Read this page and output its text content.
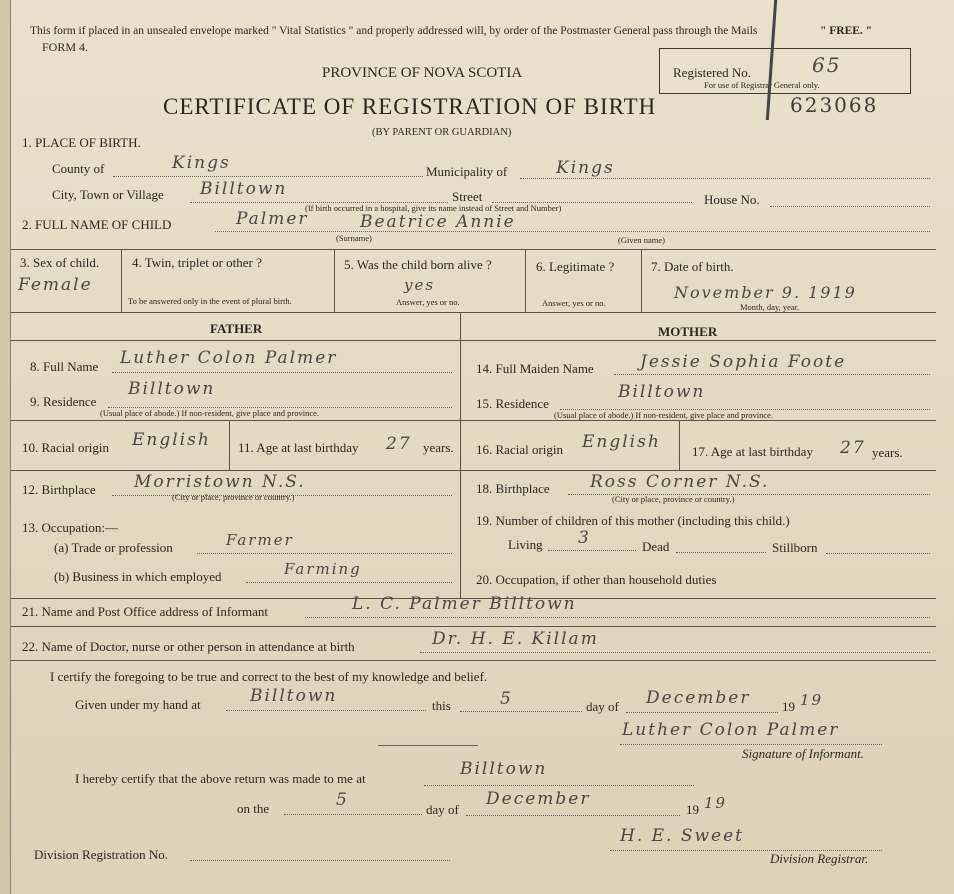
This form if placed in an unsealed envelope marked " Vital Statistics " and properly addressed will, by order of the Postmaster General pass through the Mails	" FREE. "
FORM 4.
PROVINCE OF NOVA SCOTIA
CERTIFICATE OF REGISTRATION OF BIRTH
(BY PARENT OR GUARDIAN)
Registered No.	65
For use of Registrar General only.
623068
1. PLACE OF BIRTH.
County of	Kings	Municipality of	Kings
City, Town or Village Billtown	Street
(If birth occurred in a hospital, give its name instead of Street and Number)
House No.
2. FULL NAME OF CHILD	Palmer	Beatrice Annie
(Surname)	(Given name)
3. Sex of child.
Female
4. Twin, triplet or other ?
To be answered only in the event of plural birth.
5. Was the child born alive ?
yes
Answer, yes or no.
6. Legitimate ?
Answer, yes or no.
7. Date of birth.
November 9. 1919
Month, day, year.
FATHER	MOTHER
8. Full Name Luther Colon Palmer
9. Residence
Billtown
(Usual place of abode.) If non-resident, give place and province.
10. Racial origin English 11. Age at last birthday 27 years.
12. Birthplace Morristown N.S.
(City or place, province or country.)
13. Occupation:—
(a) Trade or profession	Farmer
(b) Business in which employed	Farming
14. Full Maiden Name	Jessie Sophia Foote
15. Residence
Billtown
(Usual place of abode.) If non-resident, give place and province.
16. Racial origin English 17. Age at last birthday 27 years.
18. Birthplace Ross Corner N.S.
(City or place, province or country.)
19. Number of children of this mother (including this child.)
Living 3	Dead	Stillborn
20. Occupation, if other than household duties
21. Name and Post Office address of Informant	L. C. Palmer Billtown
22. Name of Doctor, nurse or other person in attendance at birth	Dr. H. E. Killam
I certify the foregoing to be true and correct to the best of my knowledge and belief.
Given under my hand at	Billtown	this	5	day of December 19 19
Luther Colon Palmer
Signature of Informant.
I hereby certify that the above return was made to me at	Billtown
on the	5	day of
December
19 19
Division Registration No.
H. E. Sweet
Division Registrar.
